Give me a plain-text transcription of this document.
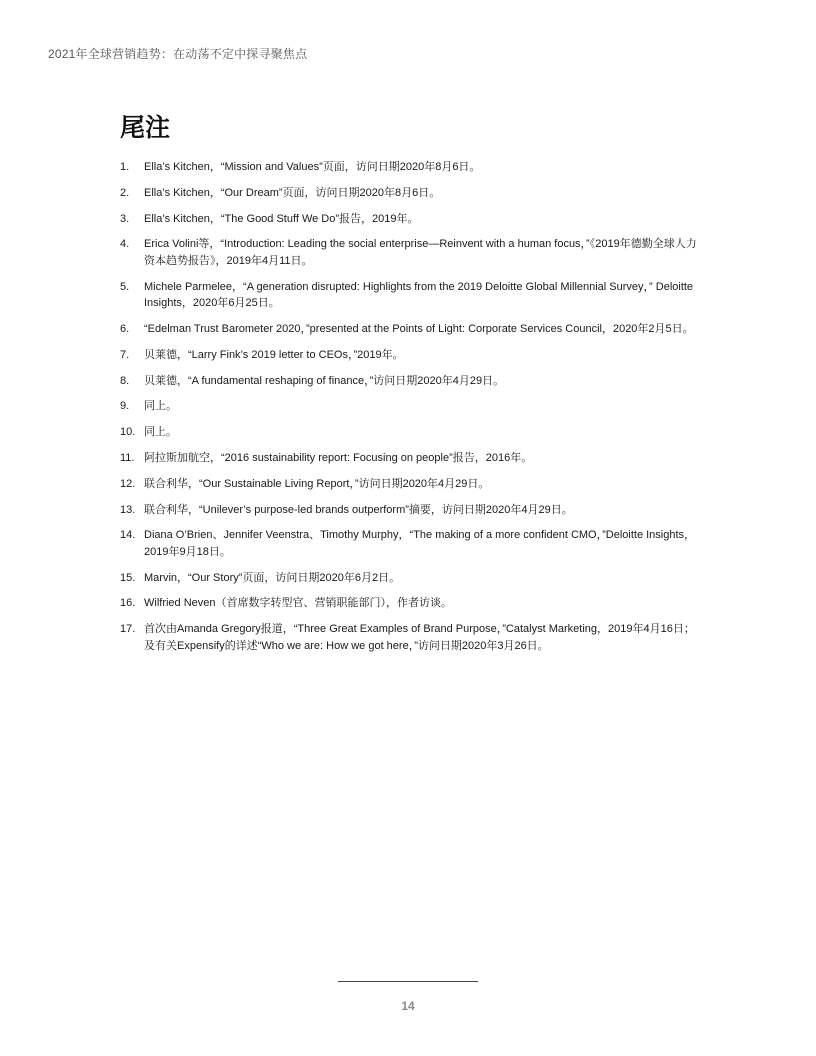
2021年全球营销趋势：在动荡不定中探寻聚焦点
尾注
1.	Ella’s Kitchen，“Mission and Values”页面，访问日期2020年8月6日。
2.	Ella’s Kitchen，“Our Dream”页面，访问日期2020年8月6日。
3.	Ella’s Kitchen，“The Good Stuff We Do”报告，2019年。
4.	Erica Volini等，“Introduction: Leading the social enterprise—Reinvent with a human focus，”《2019年德勤全球人力资本趋势报告》，2019年4月11日。
5.	Michele Parmelee，“A generation disrupted: Highlights from the 2019 Deloitte Global Millennial Survey，” Deloitte Insights，2020年6月25日。
6.	“Edelman Trust Barometer 2020，”presented at the Points of Light: Corporate Services Council，2020年2月5日。
7.	贝莱德，“Larry Fink’s 2019 letter to CEOs，”2019年。
8.	贝莱德，“A fundamental reshaping of finance，”访问日期2020年4月29日。
9.	同上。
10. 同上。
11. 阿拉斯加航空，“2016 sustainability report: Focusing on people”报告，2016年。
12. 联合利华，“Our Sustainable Living Report，”访问日期2020年4月29日。
13. 联合利华，“Unilever’s purpose-led brands outperform”摘要，访问日期2020年4月29日。
14. Diana O’Brien、Jennifer Veenstra、Timothy Murphy，“The making of a more confident CMO，”Deloitte Insights，2019年9月18日。
15. Marvin，“Our Story”页面，访问日期2020年6月2日。
16. Wilfried Neven（首席数字转型官、营销职能部门），作者访谈。
17. 首次由Amanda Gregory报道，“Three Great Examples of Brand Purpose，”Catalyst Marketing，2019年4月16日；及有关Expensify的详述“Who we are: How we got here，”访问日期2020年3月26日。
14
